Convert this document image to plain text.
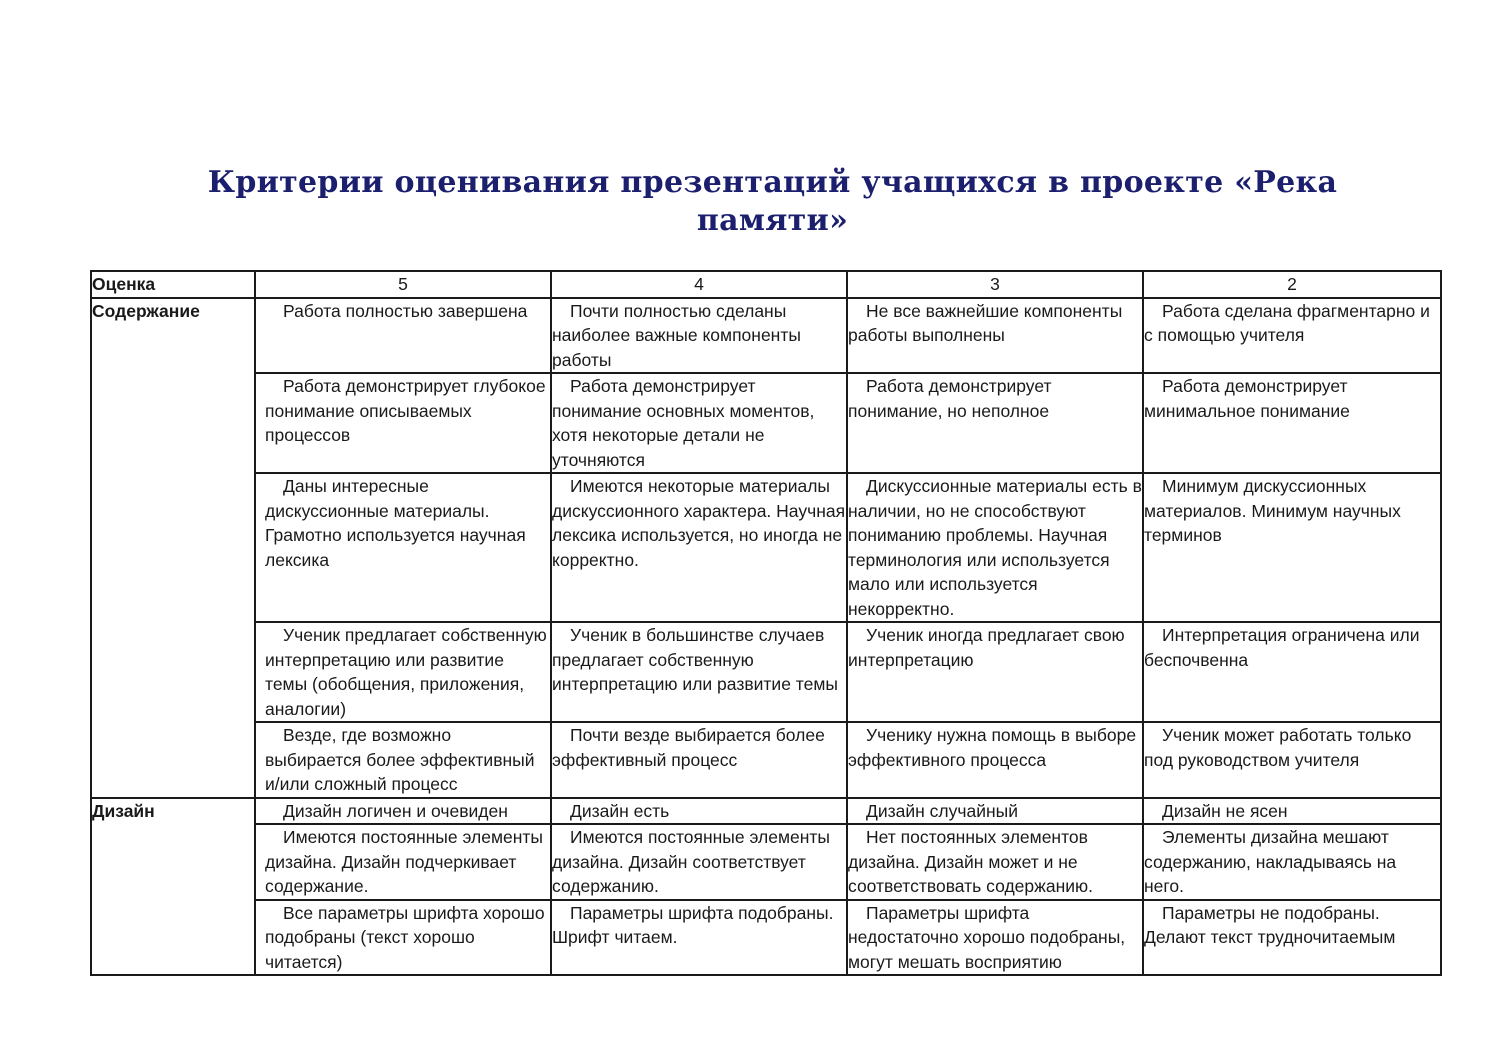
Критерии оценивания презентаций учащихся в проекте «Река памяти»
Оценка	5	4	3	2
Содержание	Работа полностью завершена	Почти полностью сделаны наиболее важные компоненты работы	Не все важнейшие компоненты работы выполнены	Работа сделана фрагментарно и с помощью учителя
	Работа демонстрирует глубокое понимание описываемых процессов	Работа демонстрирует понимание основных моментов, хотя некоторые детали не уточняются	Работа демонстрирует понимание, но неполное	Работа демонстрирует минимальное понимание
	Даны интересные дискуссионные материалы. Грамотно используется научная лексика	Имеются некоторые материалы дискуссионного характера. Научная лексика используется, но иногда не корректно.	Дискуссионные материалы есть в наличии, но не способствуют пониманию проблемы. Научная терминология или используется мало или используется некорректно.	Минимум дискуссионных материалов. Минимум научных терминов
	Ученик предлагает собственную интерпретацию или развитие темы (обобщения, приложения, аналогии)	Ученик в большинстве случаев предлагает собственную интерпретацию или развитие темы	Ученик иногда предлагает свою интерпретацию	Интерпретация ограничена или беспочвенна
	Везде, где возможно выбирается более эффективный и/или сложный процесс	Почти везде выбирается более эффективный процесс	Ученику нужна помощь в выборе эффективного процесса	Ученик может работать только под руководством учителя
Дизайн	Дизайн логичен и очевиден	Дизайн есть	Дизайн случайный	Дизайн не ясен
	Имеются постоянные элементы дизайна. Дизайн подчеркивает содержание.	Имеются постоянные элементы дизайна. Дизайн соответствует содержанию.	Нет постоянных элементов дизайна. Дизайн может и не соответствовать содержанию.	Элементы дизайна мешают содержанию, накладываясь на него.
	Все параметры шрифта хорошо подобраны (текст хорошо читается)	Параметры шрифта подобраны. Шрифт читаем.	Параметры шрифта недостаточно хорошо подобраны, могут мешать восприятию	Параметры не подобраны. Делают текст трудночитаемым
